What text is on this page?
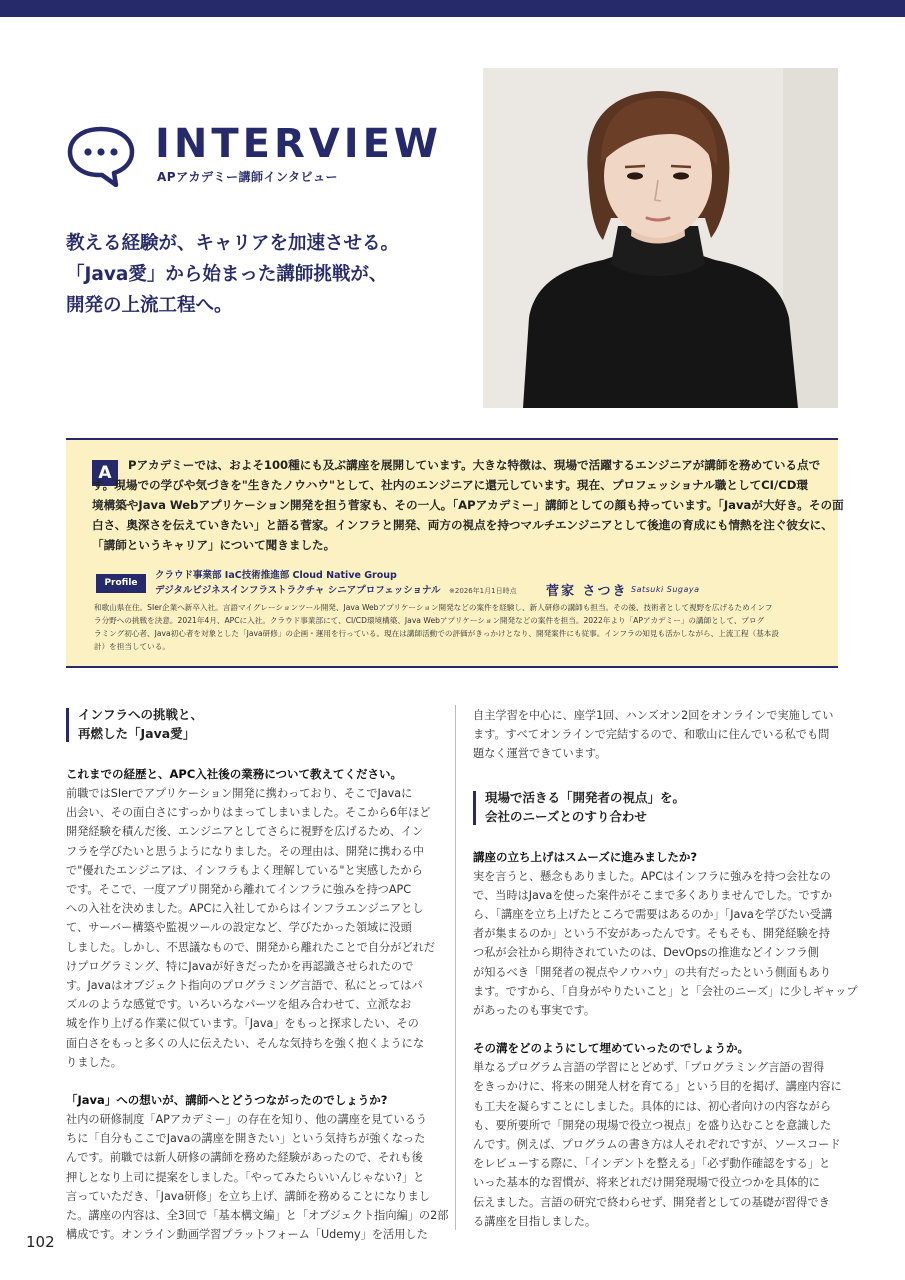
INTERVIEW
APアカデミー講師インタビュー
教える経験が、キャリアを加速させる。
「Java愛」から始まった講師挑戦が、
開発の上流工程へ。
A	Pアカデミーでは、およそ100種にも及ぶ講座を展開しています。大きな特徴は、現場で活躍するエンジニアが講師を務めている点で

す。現場での学びや気づきを"生きたノウハウ"として、社内のエンジニアに還元しています。現在、プロフェッショナル職としてCI/CD環

境構築やJava Webアプリケーション開発を担う菅家も、その一人。「APアカデミー」講師としての顔も持っています。「Javaが大好き。その面

白さ、奥深さを伝えていきたい」と語る菅家。インフラと開発、両方の視点を持つマルチエンジニアとして後進の育成にも情熱を注ぐ彼女に、

「講師というキャリア」について聞きました。

Profile
クラウド事業部 IaC技術推進部 Cloud Native Group
デジタルビジネスインフラストラクチャ シニアプロフェッショナル ※2026年1月1日時点 菅家 さつき Satsuki Sugaya

和歌山県在住。SIer企業へ新卒入社。言語マイグレーションツール開発、Java Webアプリケーション開発などの案件を経験し、新人研修の講師も担当。その後、技術者として視野を広げるためインフ

ラ分野への挑戦を決意。2021年4月、APCに入社。クラウド事業部にて、CI/CD環境構築、Java Webアプリケーション開発などの案件を担当。2022年より「APアカデミー」の講師として、プログ

ラミング初心者、Java初心者を対象とした「Java研修」の企画・運用を行っている。現在は講師活動での評価がきっかけとなり、開発案件にも従事。インフラの知見も活かしながら、上流工程（基本設

計）を担当している。

インフラへの挑戦と、
再燃した「Java愛」

これまでの経歴と、APC入社後の業務について教えてください。

前職ではSIerでアプリケーション開発に携わっており、そこでJavaに

出会い、その面白さにすっかりはまってしまいました。そこから6年ほど

開発経験を積んだ後、エンジニアとしてさらに視野を広げるため、イン

フラを学びたいと思うようになりました。その理由は、開発に携わる中

で"優れたエンジニアは、インフラもよく理解している"と実感したから

です。そこで、一度アプリ開発から離れてインフラに強みを持つAPC

への入社を決めました。APCに入社してからはインフラエンジニアとし

て、サーバー構築や監視ツールの設定など、学びたかった領域に没頭

しました。しかし、不思議なもので、開発から離れたことで自分がどれだ

けプログラミング、特にJavaが好きだったかを再認識させられたので

す。Javaはオブジェクト指向のプログラミング言語で、私にとってはパ

ズルのような感覚です。いろいろなパーツを組み合わせて、立派なお

城を作り上げる作業に似ています。「Java」をもっと探求したい、その

面白さをもっと多くの人に伝えたい、そんな気持ちを強く抱くようにな

りました。

「Java」への想いが、講師へとどうつながったのでしょうか?

社内の研修制度「APアカデミー」の存在を知り、他の講座を見ているう

ちに「自分もここでJavaの講座を開きたい」という気持ちが強くなった

んです。前職では新人研修の講師を務めた経験があったので、それも後

押しとなり上司に提案をしました。「やってみたらいいんじゃない?」と

言っていただき、「Java研修」を立ち上げ、講師を務めることになりまし

た。講座の内容は、全3回で「基本構文編」と「オブジェクト指向編」の2部

構成です。オンライン動画学習プラットフォーム「Udemy」を活用した

自主学習を中心に、座学1回、ハンズオン2回をオンラインで実施してい

ます。すべてオンラインで完結するので、和歌山に住んでいる私でも問

題なく運営できています。

現場で活きる「開発者の視点」を。
会社のニーズとのすり合わせ

講座の立ち上げはスムーズに進みましたか?

実を言うと、懸念もありました。APCはインフラに強みを持つ会社なの

で、当時はJavaを使った案件がそこまで多くありませんでした。ですか

ら、「講座を立ち上げたところで需要はあるのか」「Javaを学びたい受講

者が集まるのか」という不安があったんです。そもそも、開発経験を持

つ私が会社から期待されていたのは、DevOpsの推進などインフラ側

が知るべき「開発者の視点やノウハウ」の共有だったという側面もあり

ます。ですから、「自身がやりたいこと」と「会社のニーズ」に少しギャップ

があったのも事実です。

その溝をどのようにして埋めていったのでしょうか。

単なるプログラム言語の学習にとどめず、「プログラミング言語の習得

をきっかけに、将来の開発人材を育てる」という目的を掲げ、講座内容に

も工夫を凝らすことにしました。具体的には、初心者向けの内容ながら

も、要所要所で「開発の現場で役立つ視点」を盛り込むことを意識した

んです。例えば、プログラムの書き方は人それぞれですが、ソースコード

をレビューする際に、「インデントを整える」「必ず動作確認をする」と

いった基本的な習慣が、将来どれだけ開発現場で役立つかを具体的に

伝えました。言語の研究で終わらせず、開発者としての基礎が習得でき

る講座を目指しました。

102
